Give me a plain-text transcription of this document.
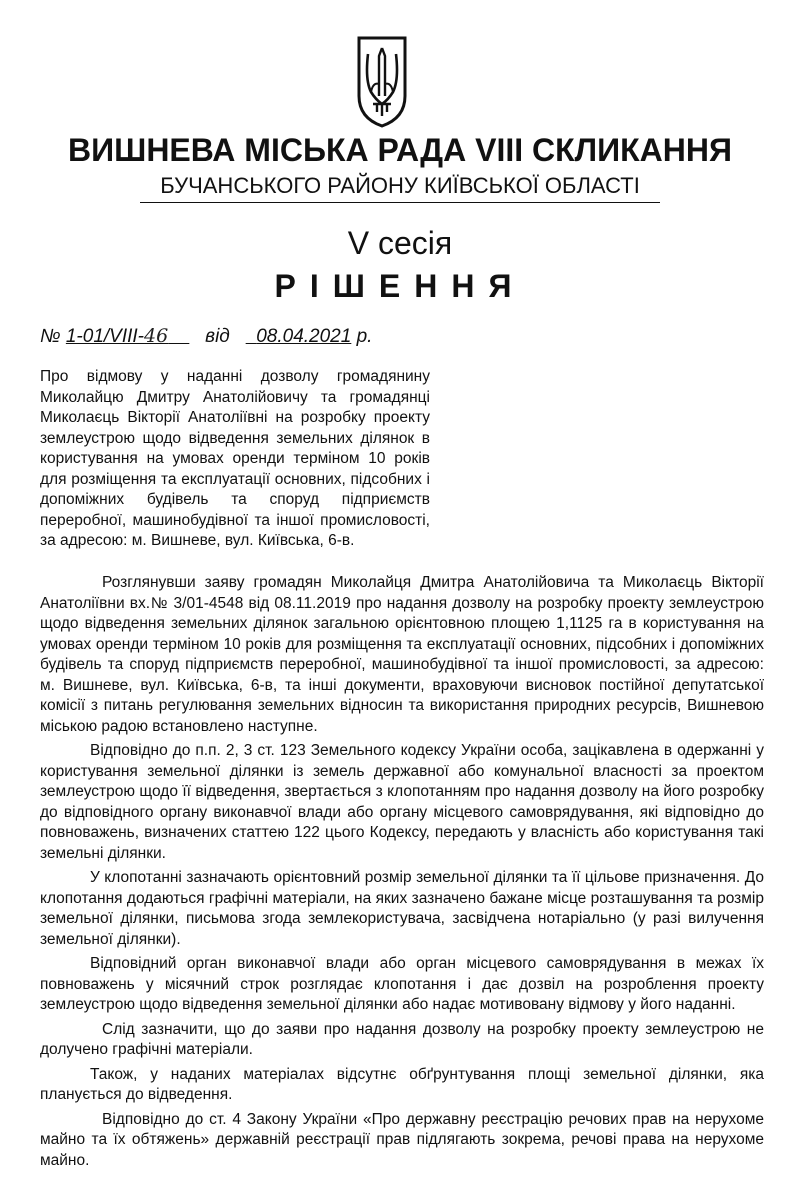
ВИШНЕВА МІСЬКА РАДА VIII СКЛИКАННЯ
БУЧАНСЬКОГО РАЙОНУ КИЇВСЬКОЇ ОБЛАСТІ
V сесія
РІШЕННЯ
№ 1-01/VIII-46 від 08.04.2021 р.
Про відмову у наданні дозволу громадянину Миколайцю Дмитру Анатолійовичу та громадянці Миколаєць Вікторії Анатоліївні на розробку проекту землеустрою щодо відведення земельних ділянок в користування на умовах оренди терміном 10 років для розміщення та експлуатації основних, підсобних і допоміжних будівель та споруд підприємств переробної, машинобудівної та іншої промисловості, за адресою: м. Вишневе, вул. Київська, 6-в.

Розглянувши заяву громадян Миколайця Дмитра Анатолійовича та Миколаєць Вікторії Анатоліївни вх.№ 3/01-4548 від 08.11.2019 про надання дозволу на розробку проекту землеустрою щодо відведення земельних ділянок загальною орієнтовною площею 1,1125 га в користування на умовах оренди терміном 10 років для розміщення та експлуатації основних, підсобних і допоміжних будівель та споруд підприємств переробної, машинобудівної та іншої промисловості, за адресою: м. Вишневе, вул. Київська, 6-в, та інші документи, враховуючи висновок постійної депутатської комісії з питань регулювання земельних відносин та використання природних ресурсів, Вишневою міською радою встановлено наступне.

Відповідно до п.п. 2, 3 ст. 123 Земельного кодексу України особа, зацікавлена в одержанні у користування земельної ділянки із земель державної або комунальної власності за проектом землеустрою щодо її відведення, звертається з клопотанням про надання дозволу на його розробку до відповідного органу виконавчої влади або органу місцевого самоврядування, які відповідно до повноважень, визначених статтею 122 цього Кодексу, передають у власність або користування такі земельні ділянки.

У клопотанні зазначають орієнтовний розмір земельної ділянки та її цільове призначення. До клопотання додаються графічні матеріали, на яких зазначено бажане місце розташування та розмір земельної ділянки, письмова згода землекористувача, засвідчена нотаріально (у разі вилучення земельної ділянки).

Відповідний орган виконавчої влади або орган місцевого самоврядування в межах їх повноважень у місячний строк розглядає клопотання і дає дозвіл на розроблення проекту землеустрою щодо відведення земельної ділянки або надає мотивовану відмову у його наданні.

Слід зазначити, що до заяви про надання дозволу на розробку проекту землеустрою не долучено графічні матеріали.

Також, у наданих матеріалах відсутнє обґрунтування площі земельної ділянки, яка планується до відведення.

Відповідно до ст. 4 Закону України «Про державну реєстрацію речових прав на нерухоме майно та їх обтяжень» державній реєстрації прав підлягають зокрема, речові права на нерухоме майно.
